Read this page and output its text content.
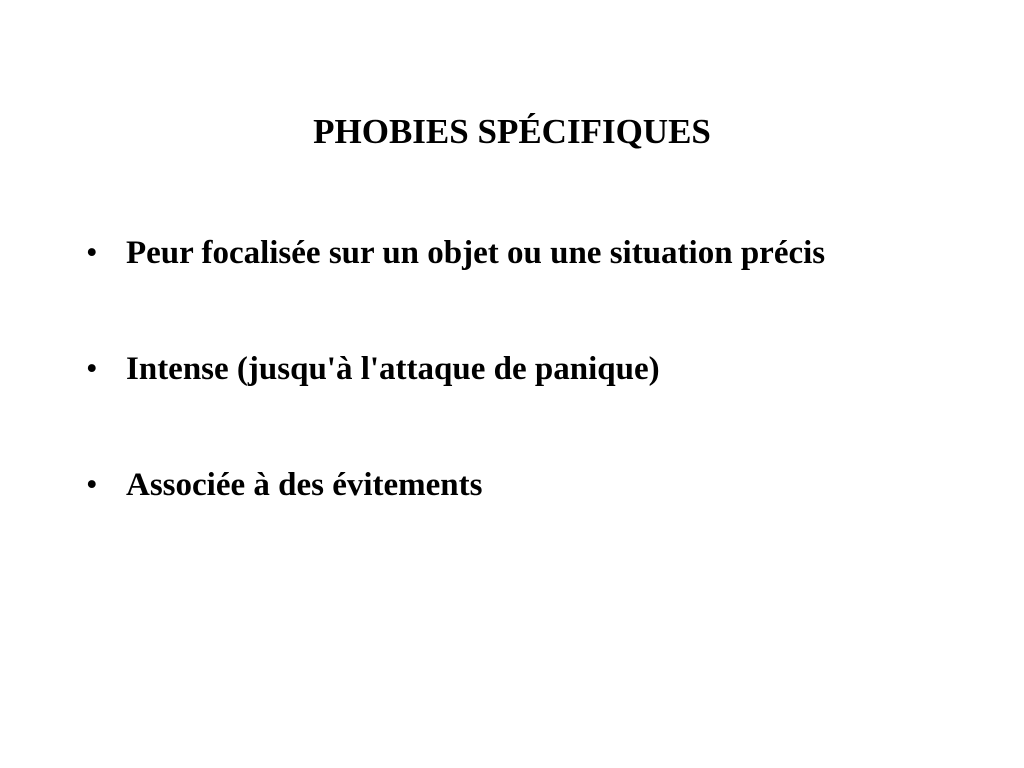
PHOBIES SPÉCIFIQUES
• Peur focalisée sur un objet ou une situation précis
• Intense (jusqu'à l'attaque de panique)
• Associée à des évitements
